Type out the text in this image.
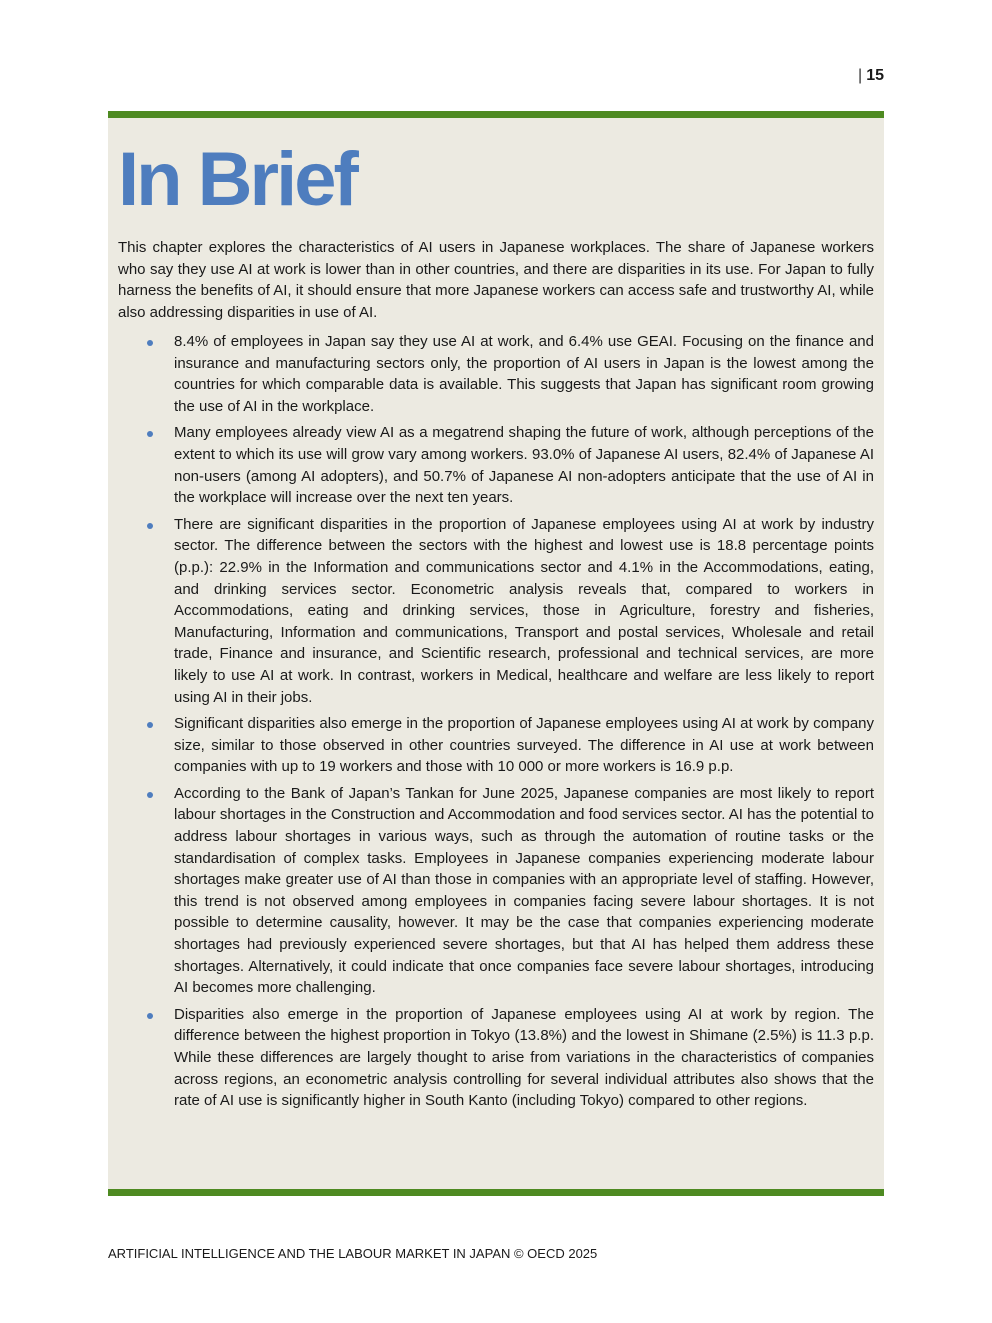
| 15
In Brief

This chapter explores the characteristics of AI users in Japanese workplaces. The share of Japanese workers who say they use AI at work is lower than in other countries, and there are disparities in its use. For Japan to fully harness the benefits of AI, it should ensure that more Japanese workers can access safe and trustworthy AI, while also addressing disparities in use of AI.

8.4% of employees in Japan say they use AI at work, and 6.4% use GEAI. Focusing on the finance and insurance and manufacturing sectors only, the proportion of AI users in Japan is the lowest among the countries for which comparable data is available. This suggests that Japan has significant room growing the use of AI in the workplace.
Many employees already view AI as a megatrend shaping the future of work, although perceptions of the extent to which its use will grow vary among workers. 93.0% of Japanese AI users, 82.4% of Japanese AI non-users (among AI adopters), and 50.7% of Japanese AI non-adopters anticipate that the use of AI in the workplace will increase over the next ten years.
There are significant disparities in the proportion of Japanese employees using AI at work by industry sector. The difference between the sectors with the highest and lowest use is 18.8 percentage points (p.p.): 22.9% in the Information and communications sector and 4.1% in the Accommodations, eating, and drinking services sector. Econometric analysis reveals that, compared to workers in Accommodations, eating and drinking services, those in Agriculture, forestry and fisheries, Manufacturing, Information and communications, Transport and postal services, Wholesale and retail trade, Finance and insurance, and Scientific research, professional and technical services, are more likely to use AI at work. In contrast, workers in Medical, healthcare and welfare are less likely to report using AI in their jobs.
Significant disparities also emerge in the proportion of Japanese employees using AI at work by company size, similar to those observed in other countries surveyed. The difference in AI use at work between companies with up to 19 workers and those with 10 000 or more workers is 16.9 p.p.
According to the Bank of Japan’s Tankan for June 2025, Japanese companies are most likely to report labour shortages in the Construction and Accommodation and food services sector. AI has the potential to address labour shortages in various ways, such as through the automation of routine tasks or the standardisation of complex tasks. Employees in Japanese companies experiencing moderate labour shortages make greater use of AI than those in companies with an appropriate level of staffing. However, this trend is not observed among employees in companies facing severe labour shortages. It is not possible to determine causality, however. It may be the case that companies experiencing moderate shortages had previously experienced severe shortages, but that AI has helped them address these shortages. Alternatively, it could indicate that once companies face severe labour shortages, introducing AI becomes more challenging.
Disparities also emerge in the proportion of Japanese employees using AI at work by region. The difference between the highest proportion in Tokyo (13.8%) and the lowest in Shimane (2.5%) is 11.3 p.p. While these differences are largely thought to arise from variations in the characteristics of companies across regions, an econometric analysis controlling for several individual attributes also shows that the rate of AI use is significantly higher in South Kanto (including Tokyo) compared to other regions.
ARTIFICIAL INTELLIGENCE AND THE LABOUR MARKET IN JAPAN © OECD 2025
